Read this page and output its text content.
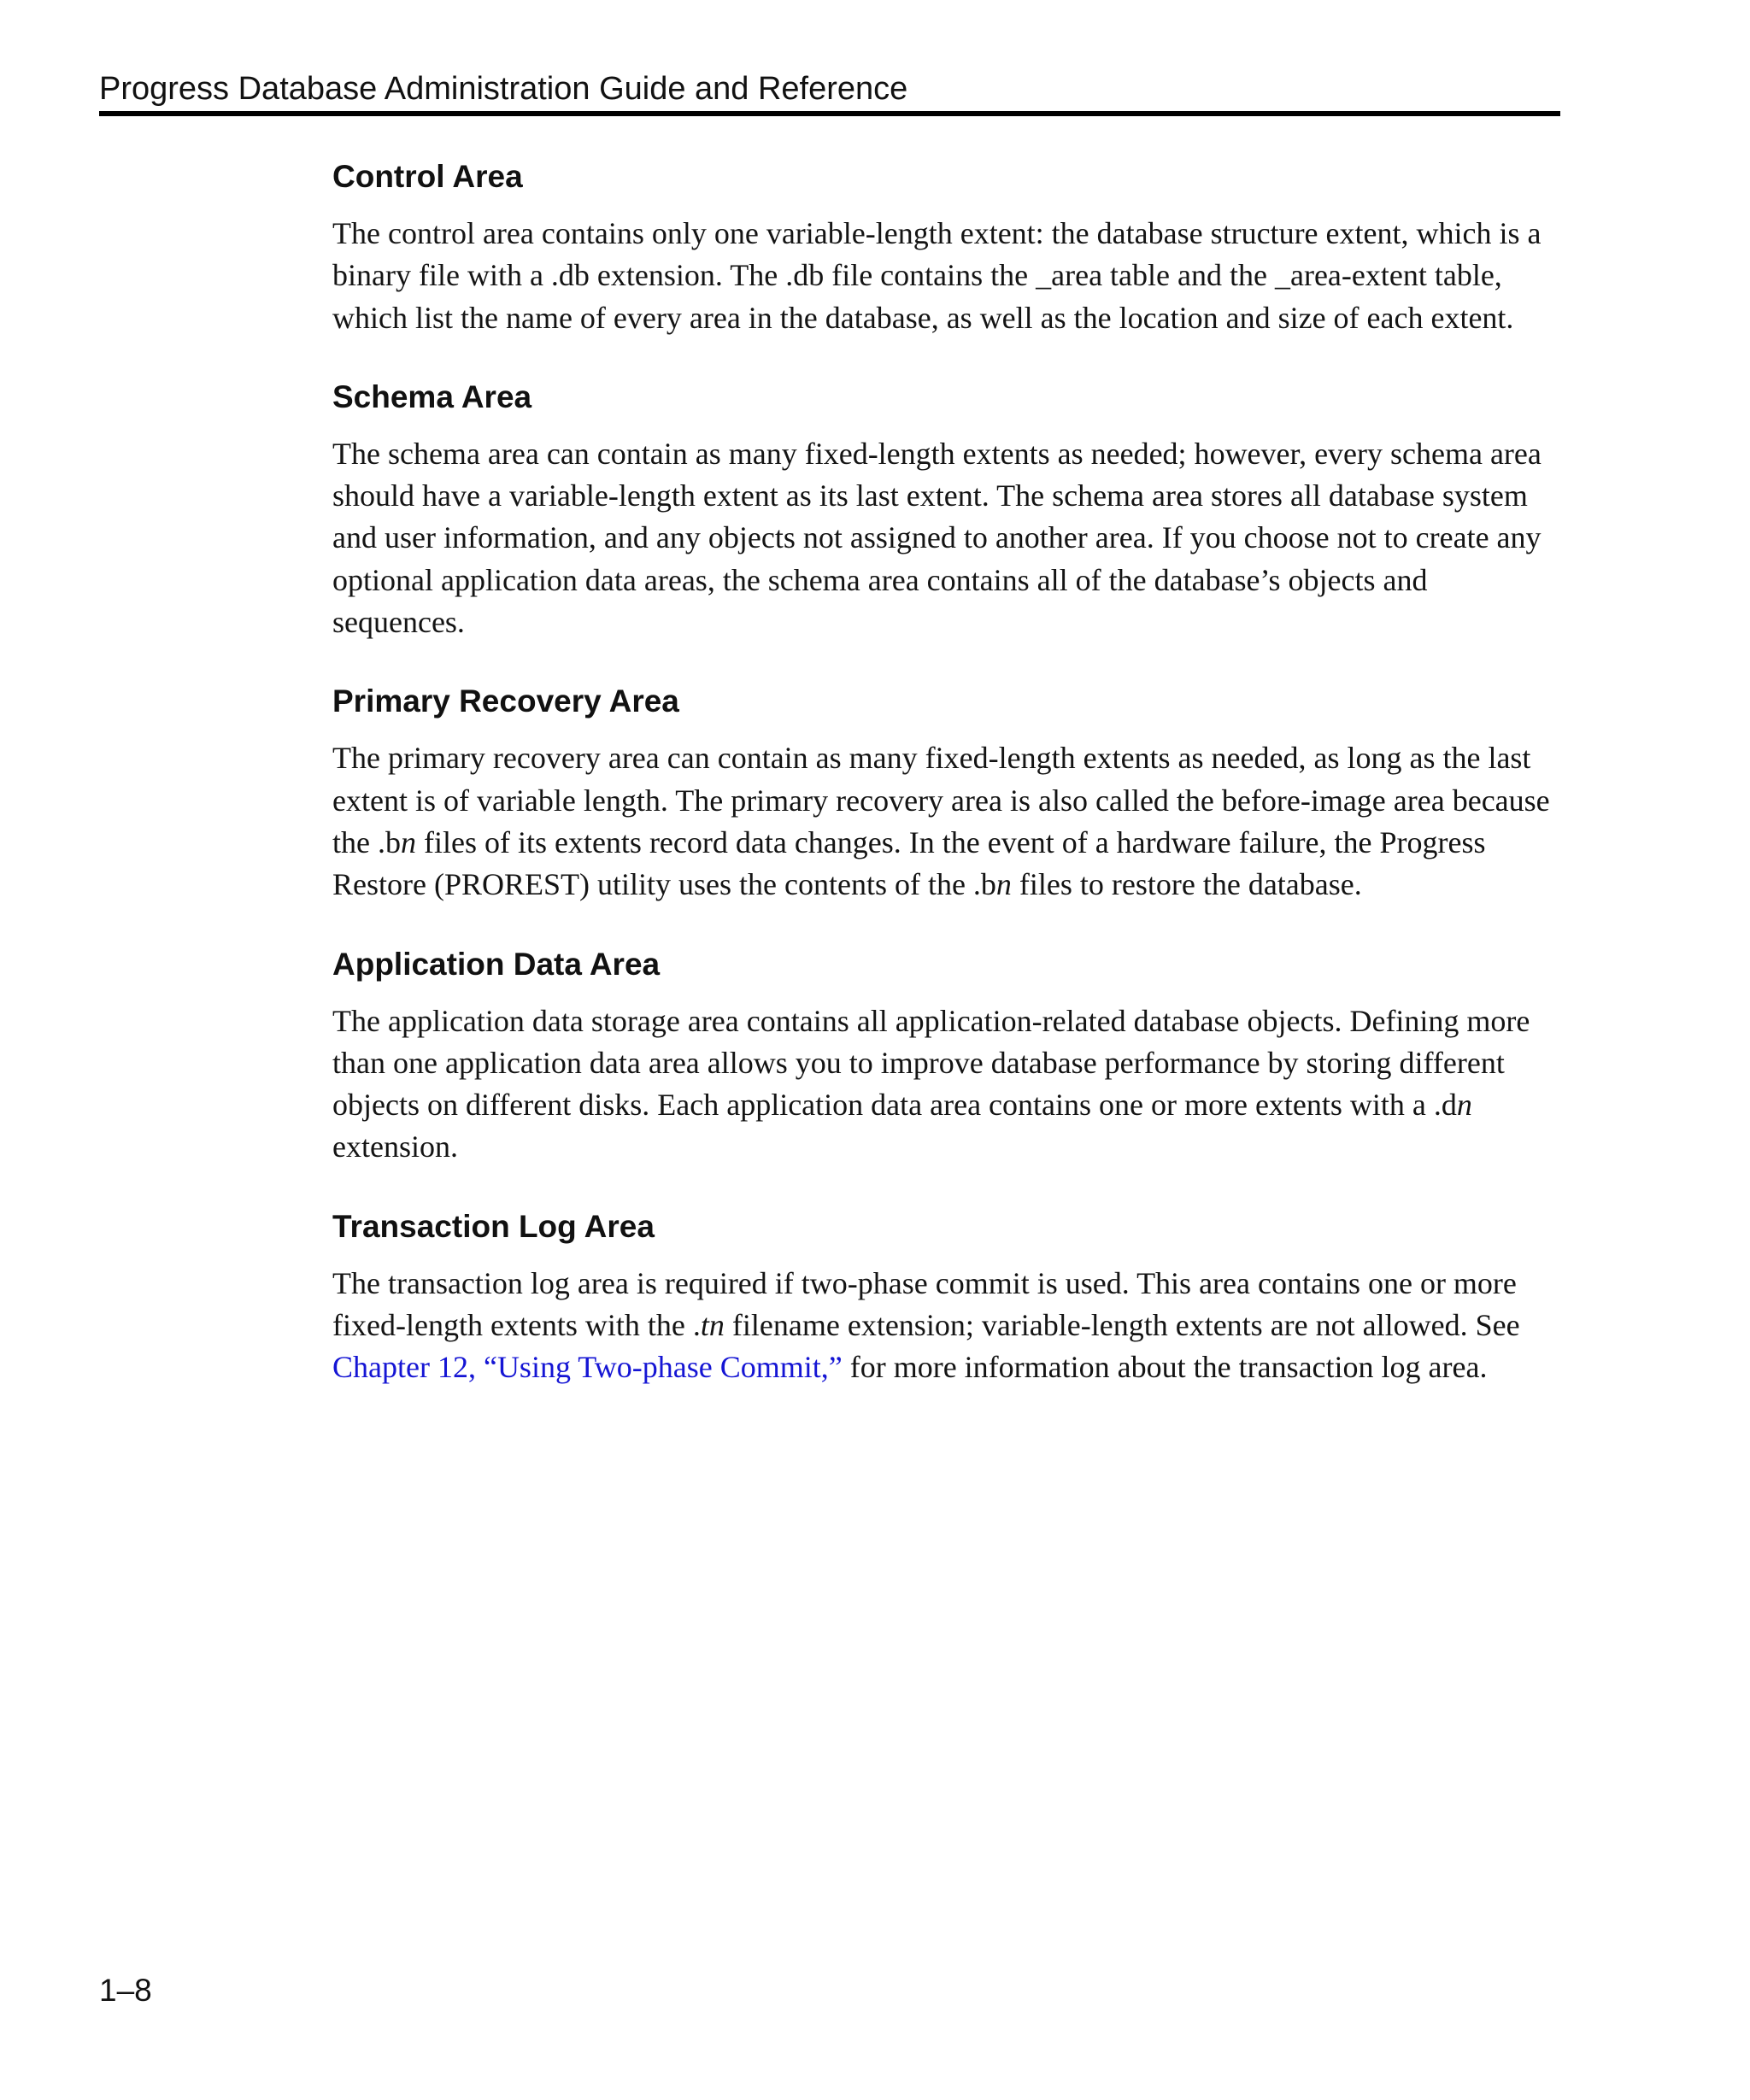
Progress Database Administration Guide and Reference
Control Area

The control area contains only one variable-length extent: the database structure extent, which is a binary file with a .db extension. The .db file contains the _area table and the _area-extent table, which list the name of every area in the database, as well as the location and size of each extent.

Schema Area

The schema area can contain as many fixed-length extents as needed; however, every schema area should have a variable-length extent as its last extent. The schema area stores all database system and user information, and any objects not assigned to another area. If you choose not to create any optional application data areas, the schema area contains all of the database’s objects and sequences.

Primary Recovery Area

The primary recovery area can contain as many fixed-length extents as needed, as long as the last extent is of variable length. The primary recovery area is also called the before-image area because the .bn files of its extents record data changes. In the event of a hardware failure, the Progress Restore (PROREST) utility uses the contents of the .bn files to restore the database.

Application Data Area

The application data storage area contains all application-related database objects. Defining more than one application data area allows you to improve database performance by storing different objects on different disks. Each application data area contains one or more extents with a .dn extension.

Transaction Log Area

The transaction log area is required if two-phase commit is used. This area contains one or more fixed-length extents with the .tn filename extension; variable-length extents are not allowed. See Chapter 12, “Using Two-phase Commit,” for more information about the transaction log area.

1–8
